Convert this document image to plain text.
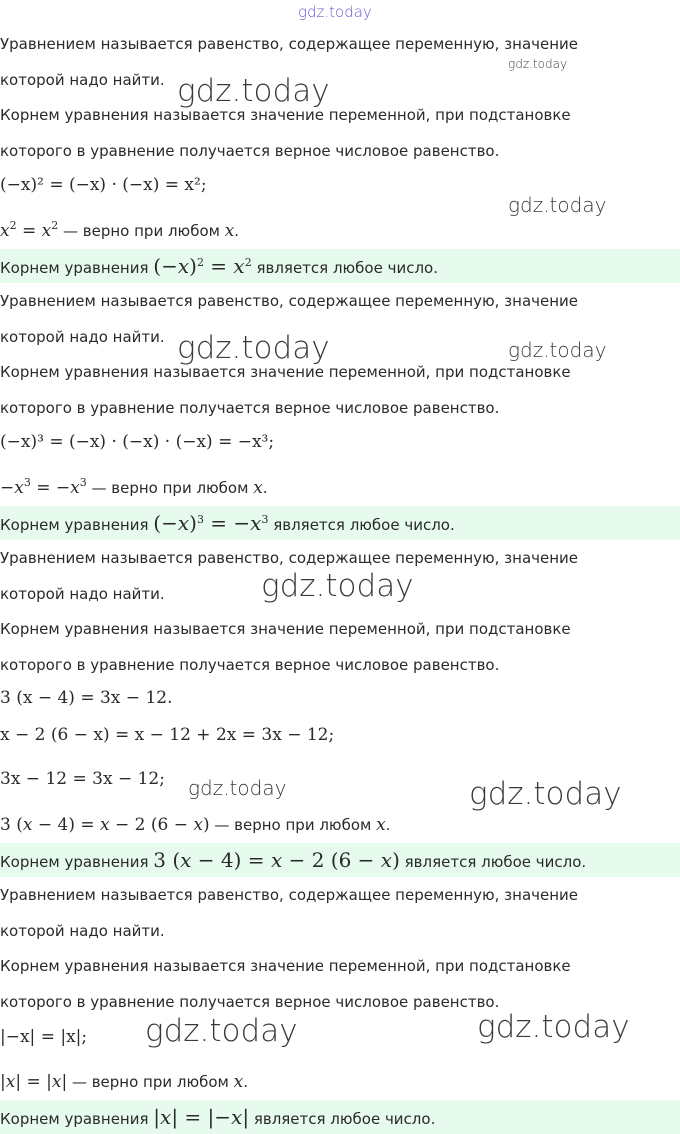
gdz.today
gdz.today
gdz.today
gdz.today
gdz.today	gdz.today
gdz.today
gdz.today	gdz.today
gdz.today	gdz.today
Уравнением называется равенство, содержащее переменную, значение
которой надо найти.
Корнем уравнения называется значение переменной, при подстановке
которого в уравнение получается верное числовое равенство.
(−x)² = (−x) · (−x) = x²;
$x^2 = x^2$ — верно при любом x.
Корнем уравнения $(-x)^2 = x^2$ является любое число.
Уравнением называется равенство, содержащее переменную, значение
которой надо найти.
Корнем уравнения называется значение переменной, при подстановке
которого в уравнение получается верное числовое равенство.
(−x)³ = (−x) · (−x) · (−x) = −x³;
$-x^3 = -x^3$ — верно при любом x.
Корнем уравнения $(-x)^3 = -x^3$ является любое число.
Уравнением называется равенство, содержащее переменную, значение
которой надо найти.
Корнем уравнения называется значение переменной, при подстановке
которого в уравнение получается верное числовое равенство.
3 (x − 4) = 3x − 12.
x − 2 (6 − x) = x − 12 + 2x = 3x − 12;
3x − 12 = 3x − 12;
3 (x − 4) = x − 2 (6 − x) — верно при любом x.
Корнем уравнения 3 (x − 4) = x − 2 (6 − x) является любое число.
Уравнением называется равенство, содержащее переменную, значение
которой надо найти.
Корнем уравнения называется значение переменной, при подстановке
которого в уравнение получается верное числовое равенство.
|−x| = |x|;
|x| = |x| — верно при любом x.
Корнем уравнения |x| = |−x| является любое число.
